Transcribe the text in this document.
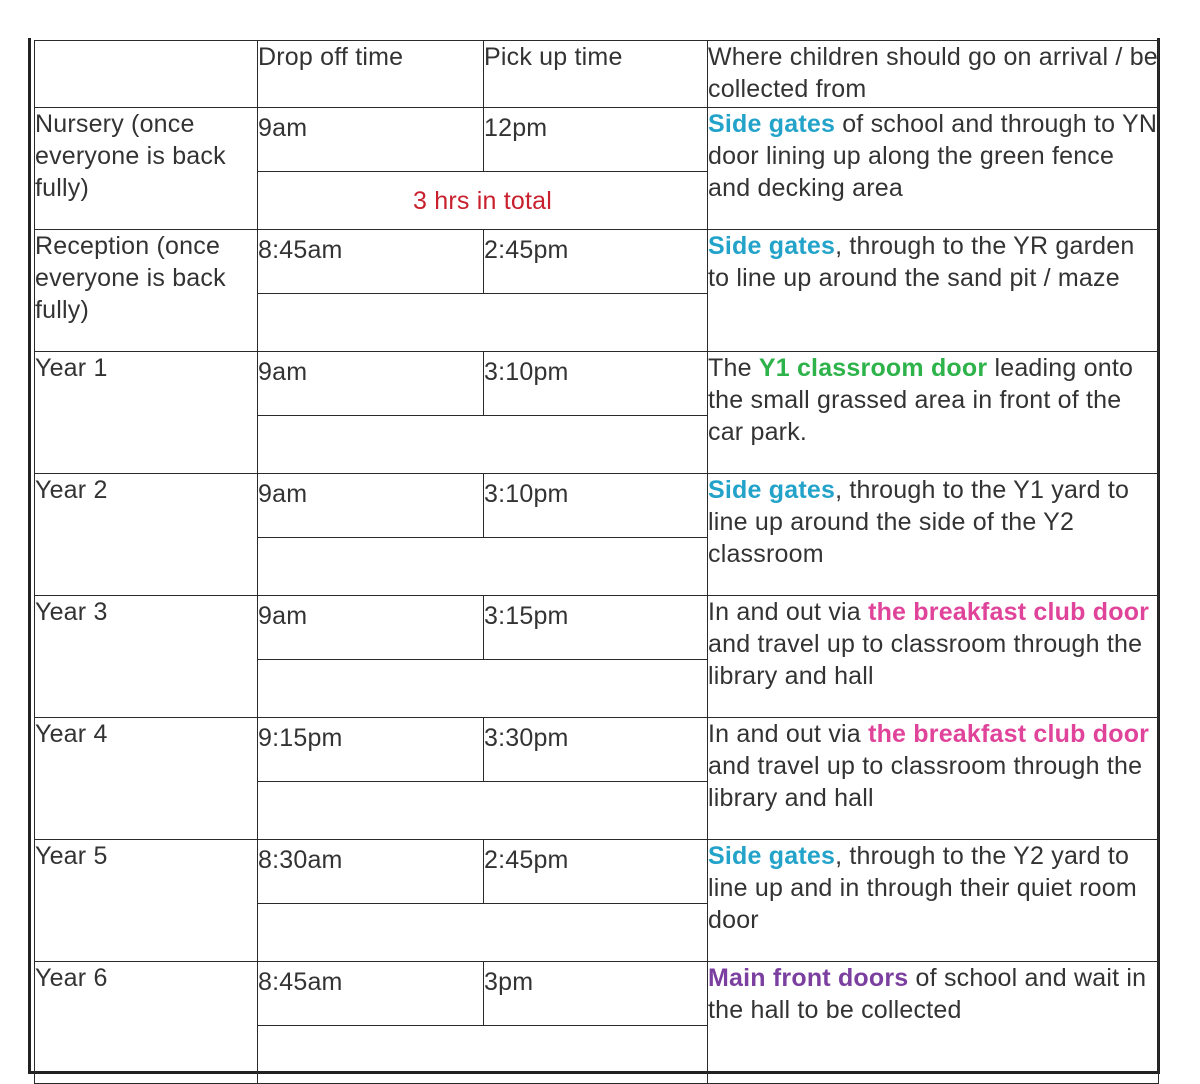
	Drop off time	Pick up time	Where children should go on arrival / be collected from
Nursery (once everyone is back fully)	9am	12pm	Side gates of school and through to YN door lining up along the green fence and decking area
	3 hrs in total		
Reception (once everyone is back fully)	8:45am	2:45pm	Side gates, through to the YR garden to line up around the sand pit / maze

Year 1	9am	3:10pm	The Y1 classroom door leading onto the small grassed area in front of the car park.

Year 2	9am	3:10pm	Side gates, through to the Y1 yard to line up around the side of the Y2 classroom

Year 3	9am	3:15pm	In and out via the breakfast club door and travel up to classroom through the library and hall

Year 4	9:15pm	3:30pm	In and out via the breakfast club door and travel up to classroom through the library and hall

Year 5	8:30am	2:45pm	Side gates, through to the Y2 yard to line up and in through their quiet room door

Year 6	8:45am	3pm	Main front doors of school and wait in the hall to be collected
